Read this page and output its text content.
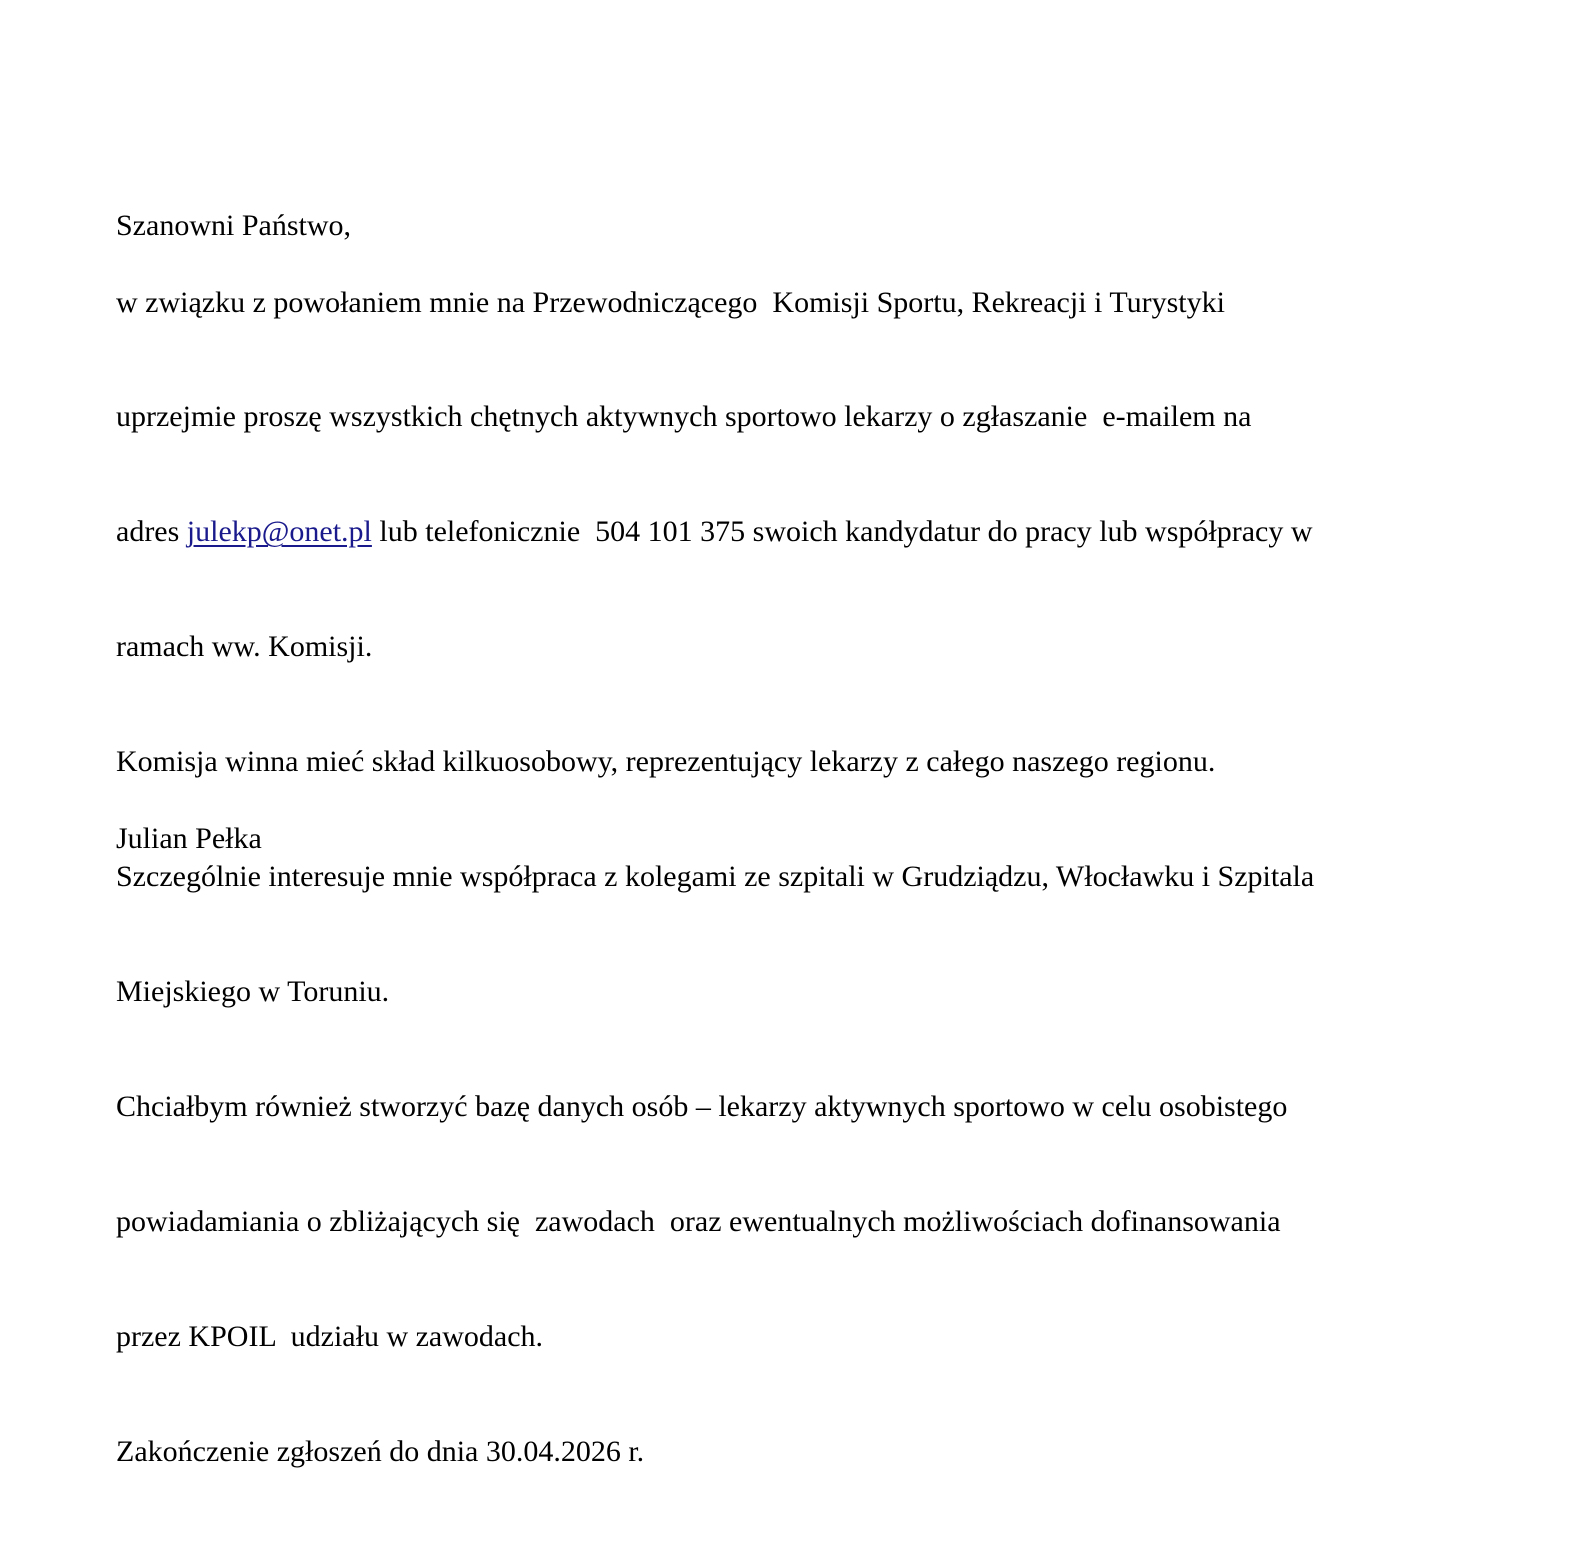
Szanowni Państwo,

w związku z powołaniem mnie na Przewodniczącego  Komisji Sportu, Rekreacji i Turystyki

uprzejmie proszę wszystkich chętnych aktywnych sportowo lekarzy o zgłaszanie  e-mailem na

adres julekp@onet.pl lub telefonicznie  504 101 375 swoich kandydatur do pracy lub współpracy w

ramach ww. Komisji.

Komisja winna mieć skład kilkuosobowy, reprezentujący lekarzy z całego naszego regionu.

Szczególnie interesuje mnie współpraca z kolegami ze szpitali w Grudziądzu, Włocławku i Szpitala

Miejskiego w Toruniu.

Chciałbym również stworzyć bazę danych osób – lekarzy aktywnych sportowo w celu osobistego

powiadamiania o zbliżających się  zawodach  oraz ewentualnych możliwościach dofinansowania

przez KPOIL  udziału w zawodach.

Zakończenie zgłoszeń do dnia 30.04.2026 r.

Julian Pełka
